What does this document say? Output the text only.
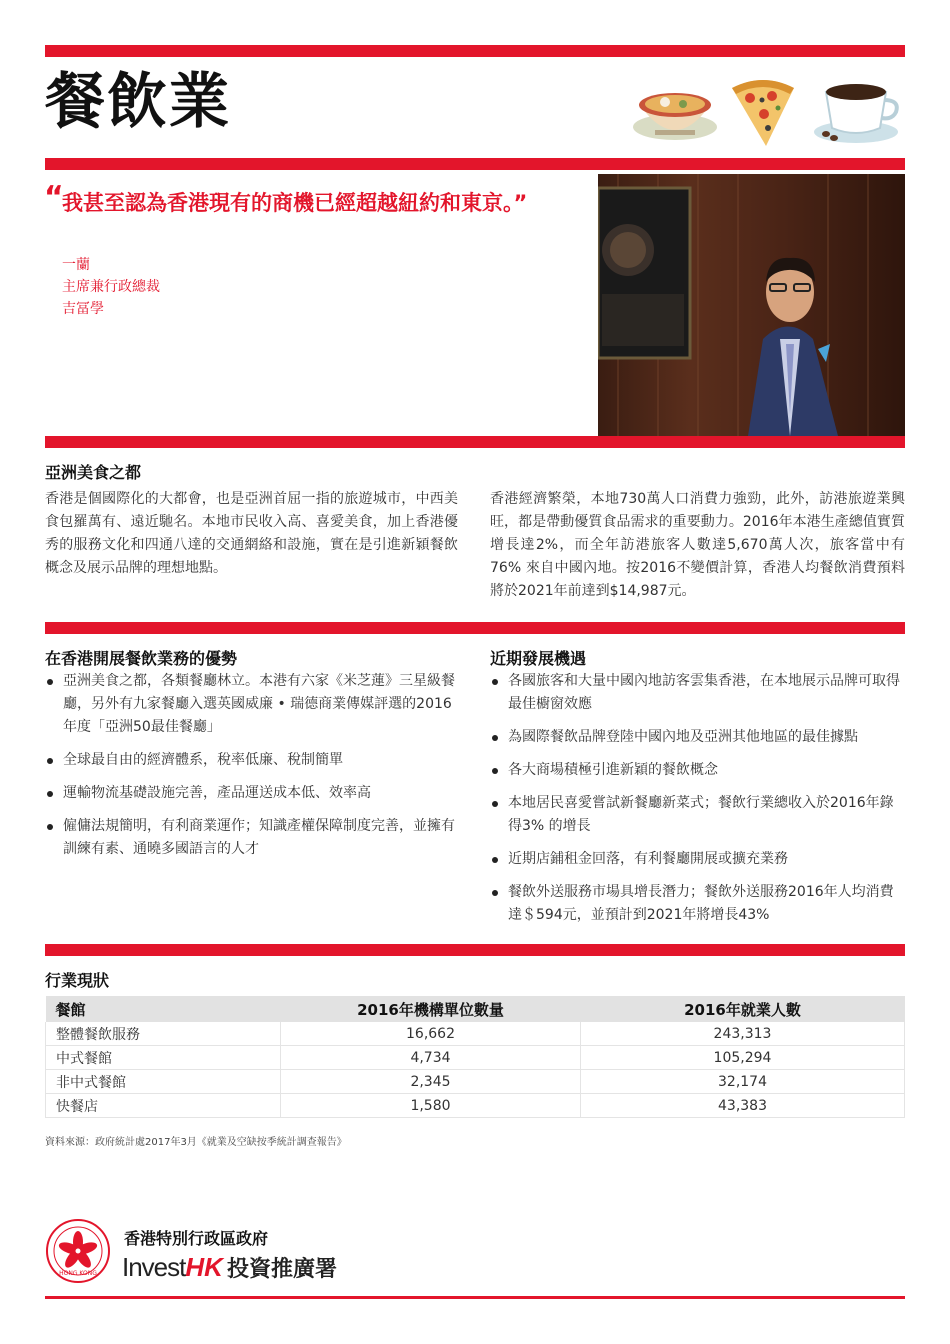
餐飲業
“
我甚至認為香港現有的商機已經超越紐約和東京。”
一蘭
主席兼行政總裁
吉冨學
亞洲美食之都
香港是個國際化的大都會，也是亞洲首屈一指的旅遊城市，中西美食包羅萬有、遠近馳名。本地市民收入高、喜愛美食，加上香港優秀的服務文化和四通八達的交通網絡和設施，實在是引進新穎餐飲概念及展示品牌的理想地點。
香港經濟繁榮，本地730萬人口消費力強勁，此外，訪港旅遊業興旺，都是帶動優質食品需求的重要動力。2016年本港生產總值實質增長達2%，而全年訪港旅客人數達5,670萬人次，旅客當中有76% 來自中國內地。按2016不變價計算，香港人均餐飲消費預料將於2021年前達到$14,987元。
在香港開展餐飲業務的優勢
亞洲美食之都，各類餐廳林立。本港有六家《米芝蓮》三星級餐廳，另外有九家餐廳入選英國威廉 • 瑞德商業傳媒評選的2016年度「亞洲50最佳餐廳」
全球最自由的經濟體系，稅率低廉、稅制簡單
運輸物流基礎設施完善，產品運送成本低、效率高
僱傭法規簡明，有利商業運作；知識產權保障制度完善，並擁有訓練有素、通曉多國語言的人才
近期發展機遇
各國旅客和大量中國內地訪客雲集香港，在本地展示品牌可取得最佳櫥窗效應
為國際餐飲品牌登陸中國內地及亞洲其他地區的最佳據點
各大商場積極引進新穎的餐飲概念
本地居民喜愛嘗試新餐廳新菜式；餐飲行業總收入於2016年錄得3% 的增長
近期店鋪租金回落，有利餐廳開展或擴充業務
餐飲外送服務市場具增長潛力；餐飲外送服務2016年人均消費達＄594元，並預計到2021年將增長43%
行業現狀
餐館	2016年機構單位數量	2016年就業人數
整體餐飲服務	16,662	243,313
中式餐館	4,734	105,294
非中式餐館	2,345	32,174
快餐店	1,580	43,383
資料來源：政府統計處2017年3月《就業及空缺按季統計調查報告》
HONG KONG
香港特別行政區政府
InvestHK 投資推廣署
